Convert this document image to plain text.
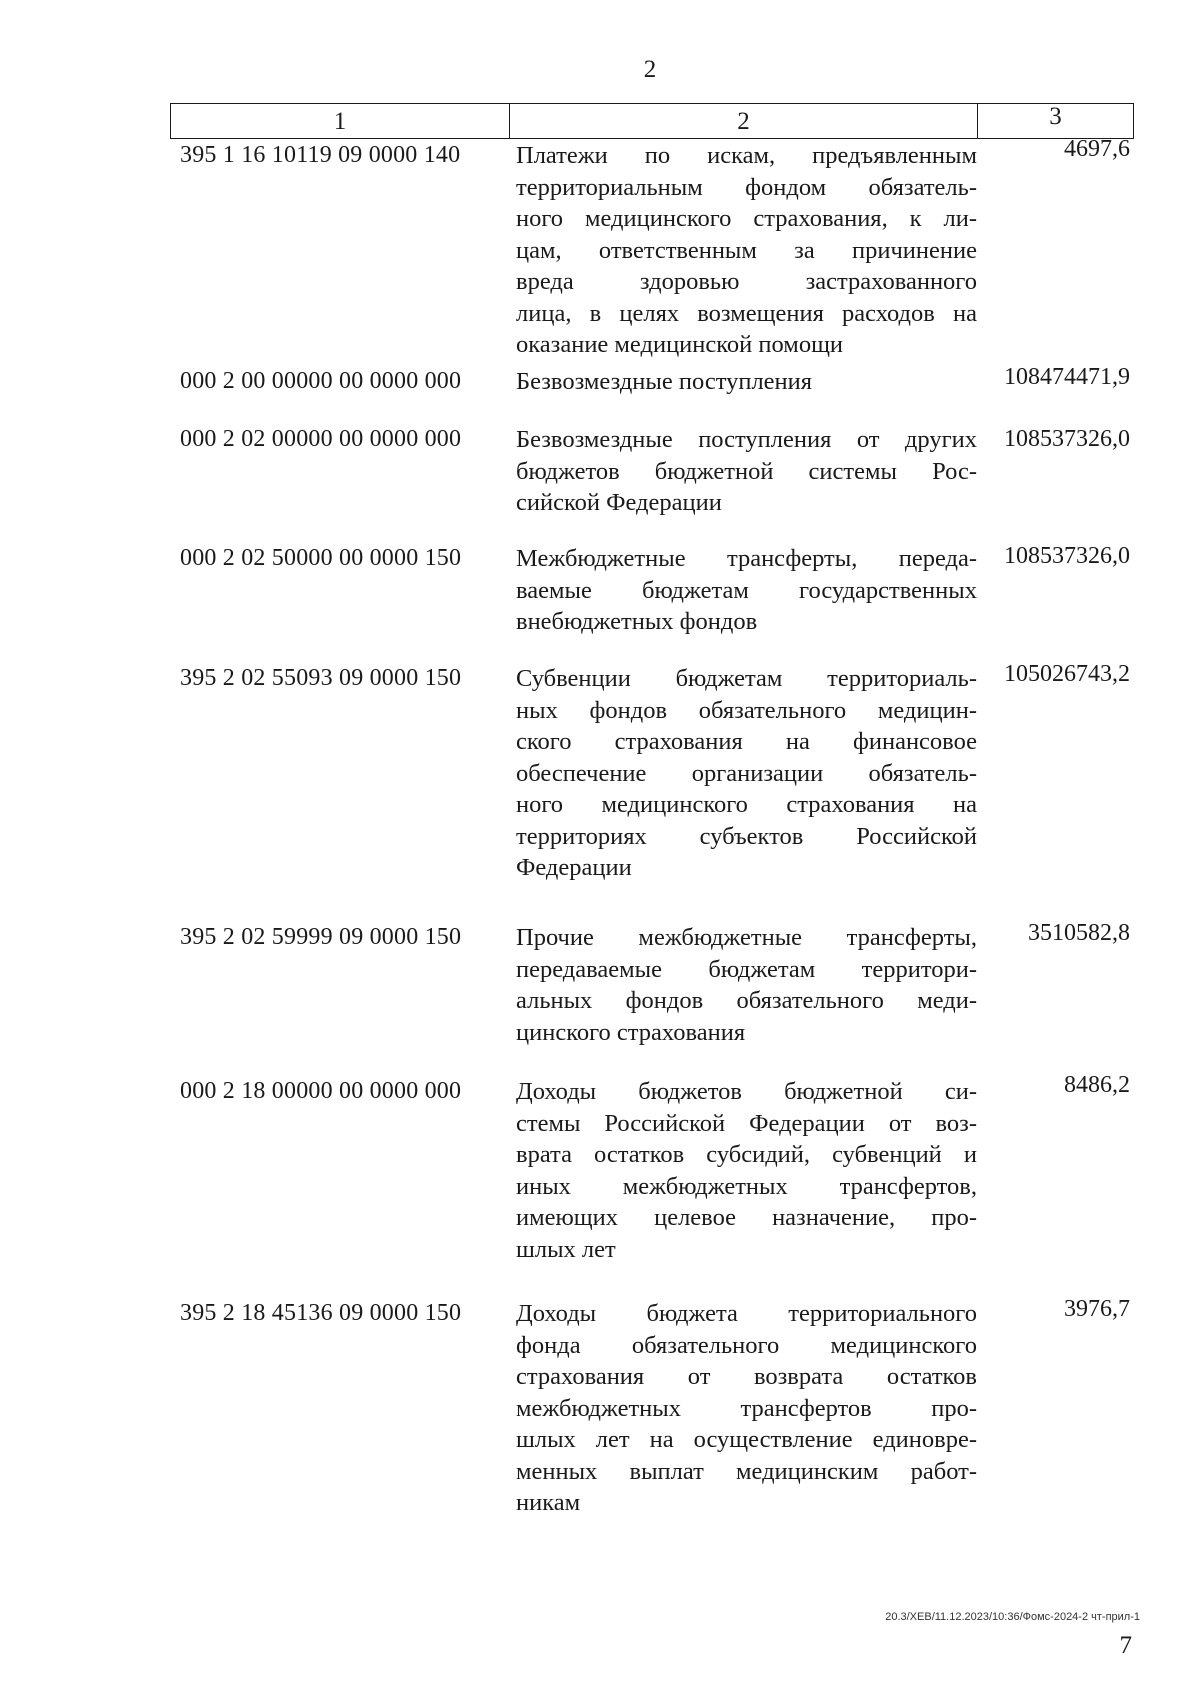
2
1	2	3
395 1 16 10119 09 0000 140	Платежи по искам, предъявленным
территориальным фондом обязатель-
ного медицинского страхования, к ли-
цам, ответственным за причинение
вреда здоровью застрахованного
лица, в целях возмещения расходов на
оказание медицинской помощи
4697,6
000 2 00 00000 00 0000 000	Безвозмездные поступления	108474471,9
000 2 02 00000 00 0000 000	Безвозмездные поступления от других
бюджетов бюджетной системы Рос-
сийской Федерации
108537326,0
000 2 02 50000 00 0000 150	Межбюджетные трансферты, переда-
ваемые бюджетам государственных
внебюджетных фондов
108537326,0
395 2 02 55093 09 0000 150	Субвенции бюджетам территориаль-
ных фондов обязательного медицин-
ского страхования на финансовое
обеспечение организации обязатель-
ного медицинского страхования на
территориях субъектов Российской
Федерации
105026743,2
395 2 02 59999 09 0000 150	Прочие межбюджетные трансферты,
передаваемые бюджетам территори-
альных фондов обязательного меди-
цинского страхования
3510582,8
000 2 18 00000 00 0000 000	Доходы бюджетов бюджетной си-
стемы Российской Федерации от воз-
врата остатков субсидий, субвенций и
иных межбюджетных трансфертов,
имеющих целевое назначение, про-
шлых лет
8486,2
395 2 18 45136 09 0000 150	Доходы бюджета территориального
фонда обязательного медицинского
страхования от возврата остатков
межбюджетных трансфертов про-
шлых лет на осуществление единовре-
менных выплат медицинским работ-
никам
3976,7
20.3/ХЕВ/11.12.2023/10:36/Фомс-2024-2 чт-прил-1
7
